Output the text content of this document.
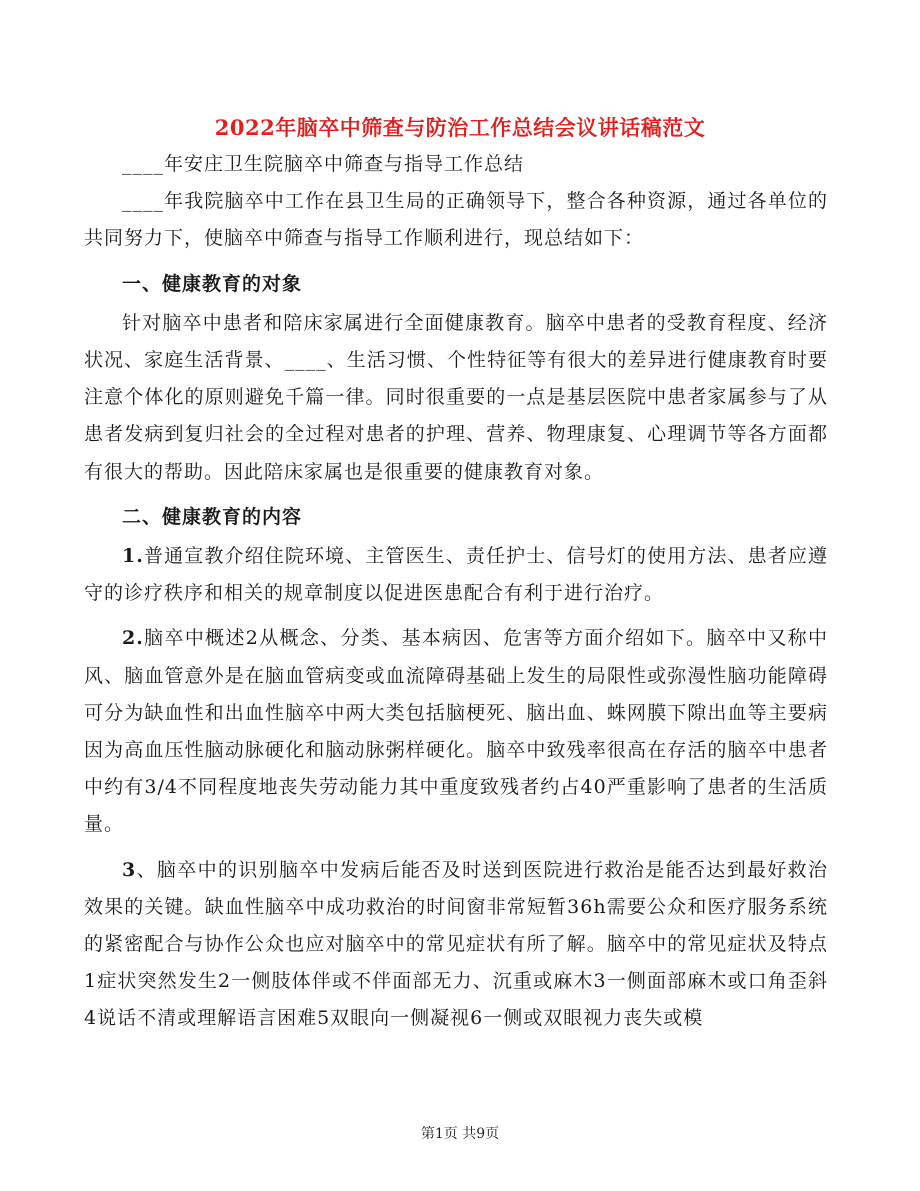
2022年脑卒中筛查与防治工作总结会议讲话稿范文

____年安庄卫生院脑卒中筛查与指导工作总结

____年我院脑卒中工作在县卫生局的正确领导下，整合各种资源，通过各单位的共同努力下，使脑卒中筛查与指导工作顺利进行，现总结如下：

一、健康教育的对象

针对脑卒中患者和陪床家属进行全面健康教育。脑卒中患者的受教育程度、经济状况、家庭生活背景、____、生活习惯、个性特征等有很大的差异进行健康教育时要注意个体化的原则避免千篇一律。同时很重要的一点是基层医院中患者家属参与了从患者发病到复归社会的全过程对患者的护理、营养、物理康复、心理调节等各方面都有很大的帮助。因此陪床家属也是很重要的健康教育对象。

二、健康教育的内容

1.普通宣教介绍住院环境、主管医生、责任护士、信号灯的使用方法、患者应遵守的诊疗秩序和相关的规章制度以促进医患配合有利于进行治疗。

2.脑卒中概述2从概念、分类、基本病因、危害等方面介绍如下。脑卒中又称中风、脑血管意外是在脑血管病变或血流障碍基础上发生的局限性或弥漫性脑功能障碍可分为缺血性和出血性脑卒中两大类包括脑梗死、脑出血、蛛网膜下隙出血等主要病因为高血压性脑动脉硬化和脑动脉粥样硬化。脑卒中致残率很高在存活的脑卒中患者中约有3/4不同程度地丧失劳动能力其中重度致残者约占40严重影响了患者的生活质量。

3、脑卒中的识别脑卒中发病后能否及时送到医院进行救治是能否达到最好救治效果的关键。缺血性脑卒中成功救治的时间窗非常短暂36h需要公众和医疗服务系统的紧密配合与协作公众也应对脑卒中的常见症状有所了解。脑卒中的常见症状及特点1症状突然发生2一侧肢体伴或不伴面部无力、沉重或麻木3一侧面部麻木或口角歪斜4说话不清或理解语言困难5双眼向一侧凝视6一侧或双眼视力丧失或模

第1页 共9页
